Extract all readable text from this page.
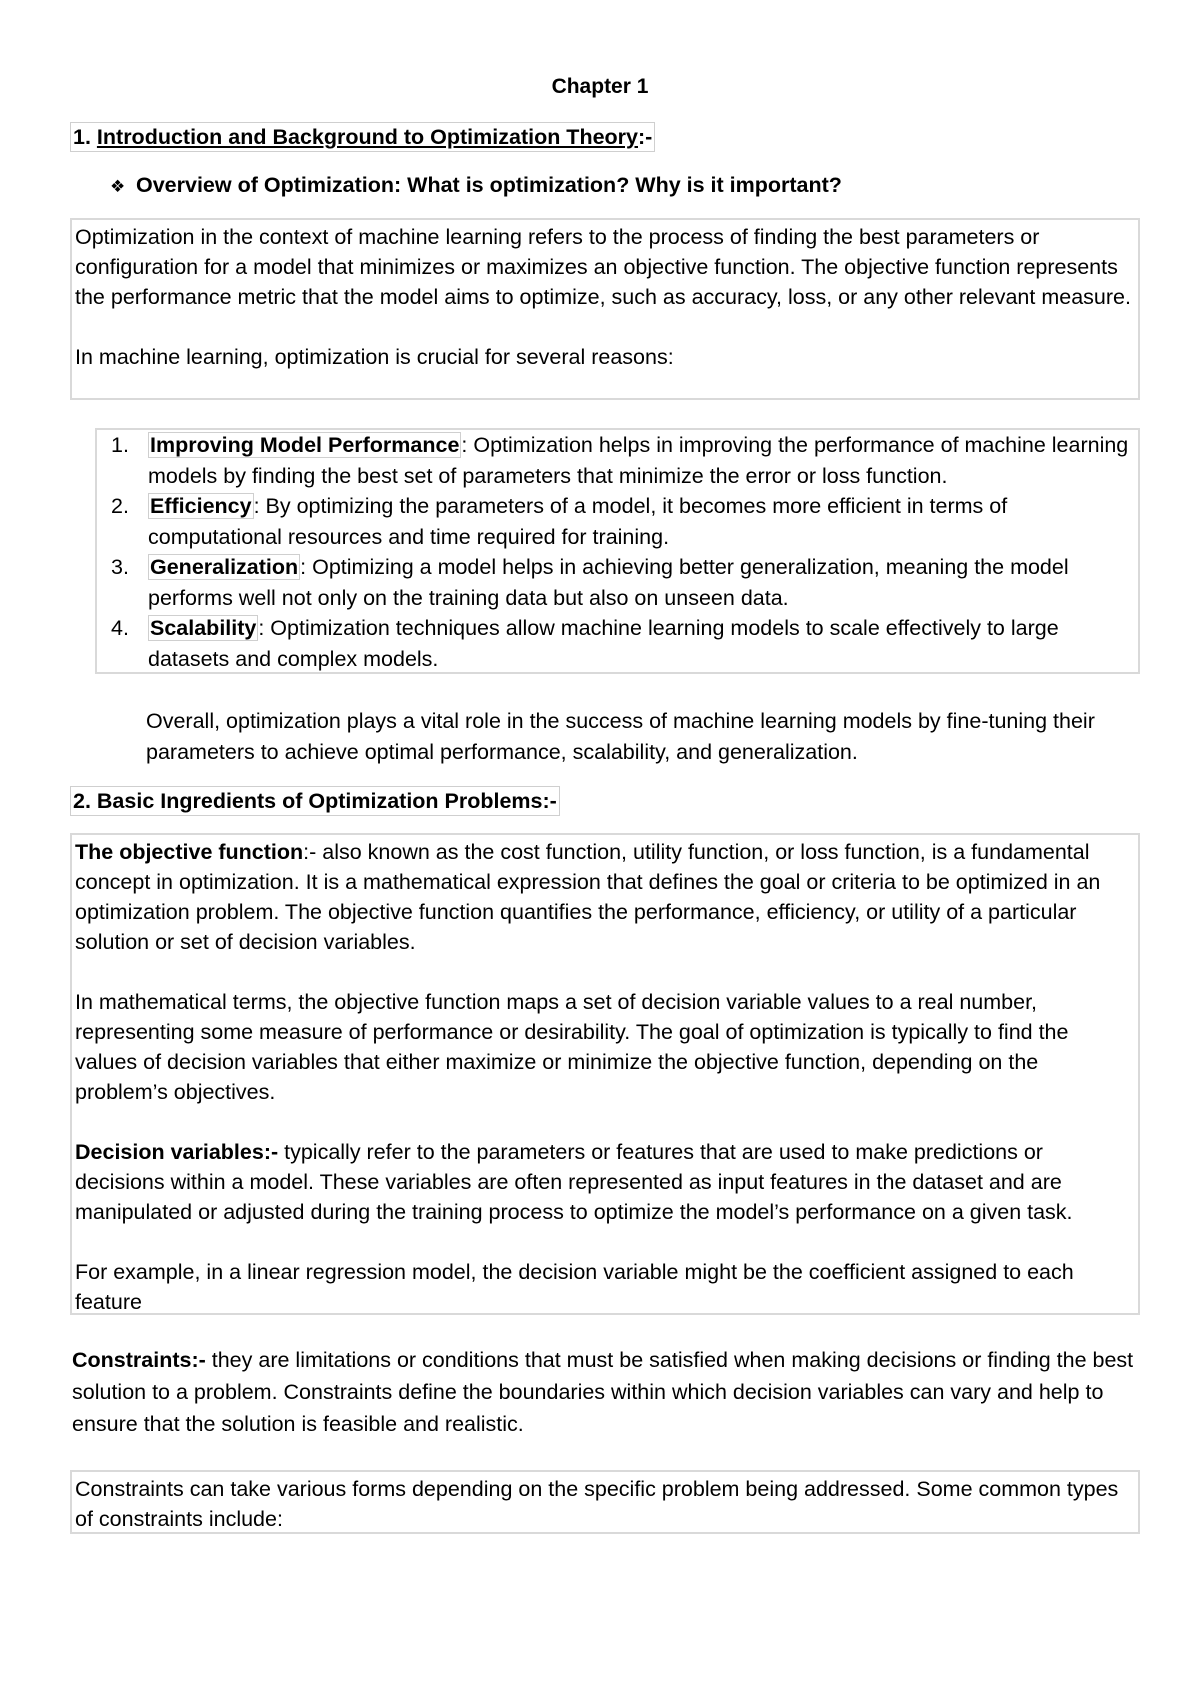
Chapter 1
1. Introduction and Background to Optimization Theory:-
❖ Overview of Optimization: What is optimization? Why is it important?

Optimization in the context of machine learning refers to the process of finding the best parameters or configuration for a model that minimizes or maximizes an objective function. The objective function represents the performance metric that the model aims to optimize, such as accuracy, loss, or any other relevant measure.

In machine learning, optimization is crucial for several reasons:

1. Improving Model Performance: Optimization helps in improving the performance of machine learning models by finding the best set of parameters that minimize the error or loss function.
2. Efficiency: By optimizing the parameters of a model, it becomes more efficient in terms of computational resources and time required for training.
3. Generalization: Optimizing a model helps in achieving better generalization, meaning the model performs well not only on the training data but also on unseen data.
4. Scalability: Optimization techniques allow machine learning models to scale effectively to large datasets and complex models.

Overall, optimization plays a vital role in the success of machine learning models by fine-tuning their parameters to achieve optimal performance, scalability, and generalization.

2. Basic Ingredients of Optimization Problems:-

The objective function:- also known as the cost function, utility function, or loss function, is a fundamental concept in optimization. It is a mathematical expression that defines the goal or criteria to be optimized in an optimization problem. The objective function quantifies the performance, efficiency, or utility of a particular solution or set of decision variables.

In mathematical terms, the objective function maps a set of decision variable values to a real number, representing some measure of performance or desirability. The goal of optimization is typically to find the values of decision variables that either maximize or minimize the objective function, depending on the problem’s objectives.

Decision variables:- typically refer to the parameters or features that are used to make predictions or decisions within a model. These variables are often represented as input features in the dataset and are manipulated or adjusted during the training process to optimize the model’s performance on a given task.

For example, in a linear regression model, the decision variable might be the coefficient assigned to each feature

Constraints:- they are limitations or conditions that must be satisfied when making decisions or finding the best solution to a problem. Constraints define the boundaries within which decision variables can vary and help to ensure that the solution is feasible and realistic.

Constraints can take various forms depending on the specific problem being addressed. Some common types of constraints include:
